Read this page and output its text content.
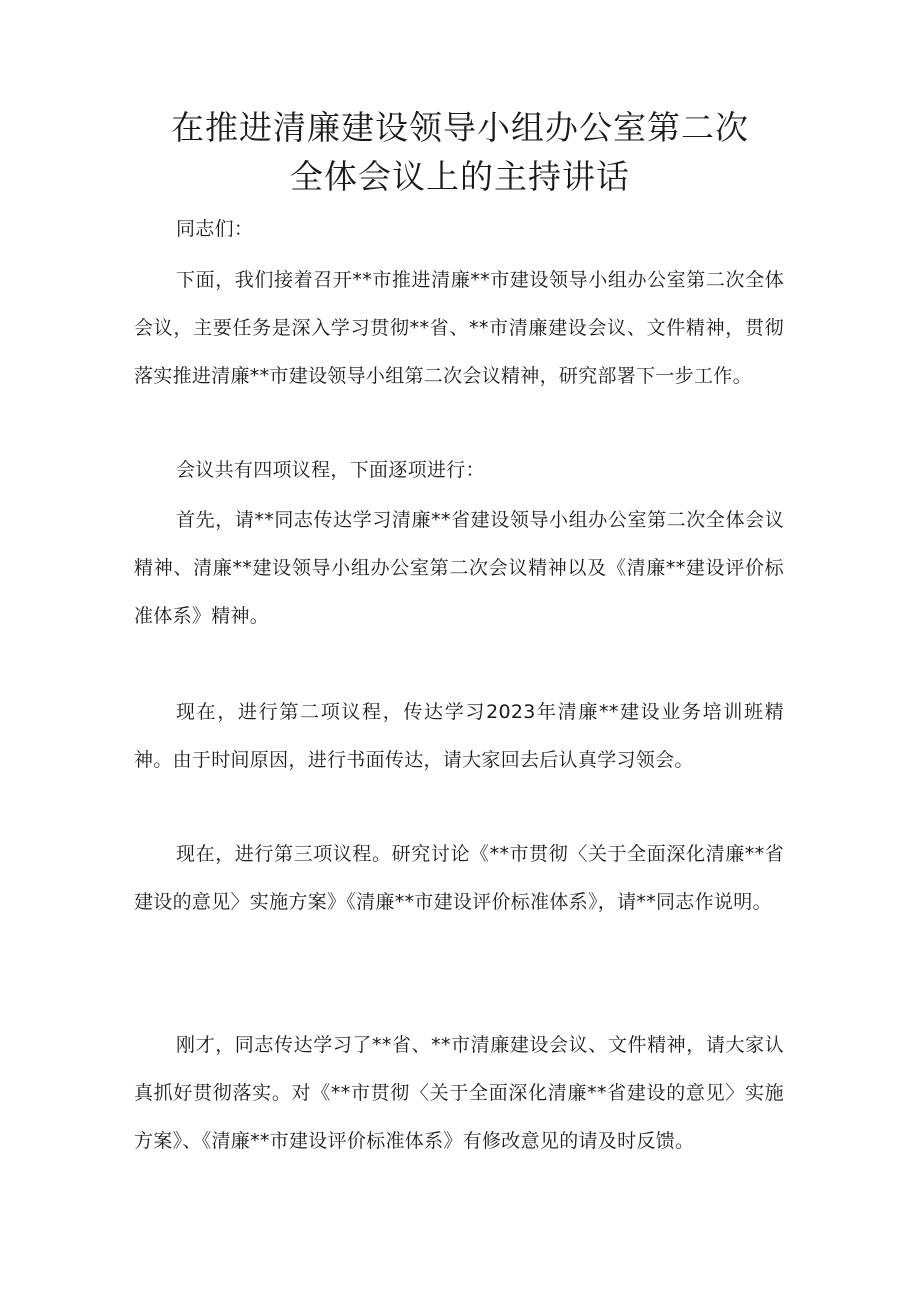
在推进清廉建设领导小组办公室第二次
全体会议上的主持讲话

同志们：

下面，我们接着召开**市推进清廉**市建设领导小组办公室第二次全体会议，主要任务是深入学习贯彻**省、**市清廉建设会议、文件精神，贯彻落实推进清廉**市建设领导小组第二次会议精神，研究部署下一步工作。

会议共有四项议程，下面逐项进行：

首先，请**同志传达学习清廉**省建设领导小组办公室第二次全体会议精神、清廉**建设领导小组办公室第二次会议精神以及《清廉**建设评价标准体系》精神。

现在，进行第二项议程，传达学习2023年清廉**建设业务培训班精神。由于时间原因，进行书面传达，请大家回去后认真学习领会。

现在，进行第三项议程。研究讨论《**市贯彻〈关于全面深化清廉**省建设的意见〉实施方案》《清廉**市建设评价标准体系》，请**同志作说明。

刚才，同志传达学习了**省、**市清廉建设会议、文件精神，请大家认真抓好贯彻落实。对《**市贯彻〈关于全面深化清廉**省建设的意见〉实施方案》、《清廉**市建设评价标准体系》有修改意见的请及时反馈。
